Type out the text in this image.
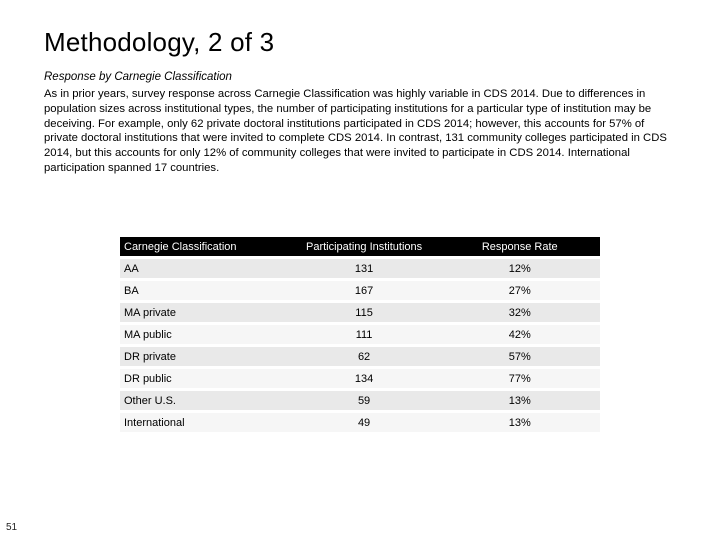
Methodology, 2 of 3
Response by Carnegie Classification

As in prior years, survey response across Carnegie Classification was highly variable in CDS 2014. Due to differences in population sizes across institutional types, the number of participating institutions for a particular type of institution may be deceiving. For example, only 62 private doctoral institutions participated in CDS 2014; however, this accounts for 57% of private doctoral institutions that were invited to complete CDS 2014. In contrast, 131 community colleges participated in CDS 2014, but this accounts for only 12% of community colleges that were invited to participate in CDS 2014. International participation spanned 17 countries.

Carnegie Classification	Participating Institutions	Response Rate
AA	131	12%
BA	167	27%
MA private	115	32%
MA public	111	42%
DR private	62	57%
DR public	134	77%
Other U.S.	59	13%
International	49	13%
51
